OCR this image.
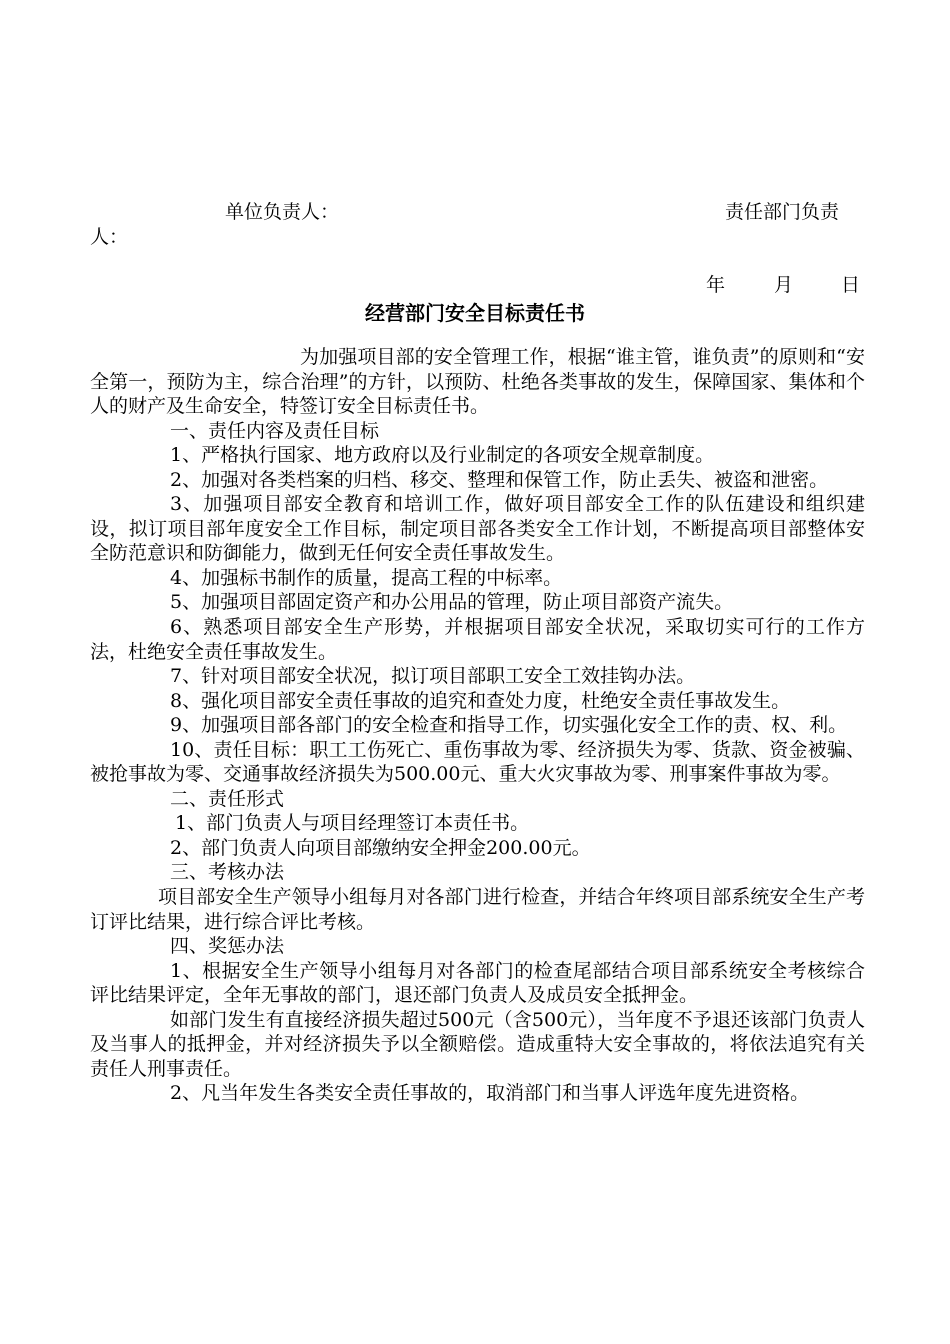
单位负责人：	责任部门负责
人：
年	月	日
经营部门安全目标责任书

为加强项目部的安全管理工作，根据“谁主管，谁负责”的原则和“安全第一，预防为主，综合治理”的方针，以预防、杜绝各类事故的发生，保障国家、集体和个人的财产及生命安全，特签订安全目标责任书。

一、责任内容及责任目标

1、严格执行国家、地方政府以及行业制定的各项安全规章制度。

2、加强对各类档案的归档、移交、整理和保管工作，防止丢失、被盗和泄密。

3、加强项目部安全教育和培训工作，做好项目部安全工作的队伍建设和组织建设，拟订项目部年度安全工作目标，制定项目部各类安全工作计划，不断提高项目部整体安全防范意识和防御能力，做到无任何安全责任事故发生。

4、加强标书制作的质量，提高工程的中标率。

5、加强项目部固定资产和办公用品的管理，防止项目部资产流失。

6、熟悉项目部安全生产形势，并根据项目部安全状况，采取切实可行的工作方法，杜绝安全责任事故发生。

7、针对项目部安全状况，拟订项目部职工安全工效挂钩办法。

8、强化项目部安全责任事故的追究和查处力度，杜绝安全责任事故发生。

9、加强项目部各部门的安全检查和指导工作，切实强化安全工作的责、权、利。

10、责任目标：职工工伤死亡、重伤事故为零、经济损失为零、货款、资金被骗、被抢事故为零、交通事故经济损失为500.00元、重大火灾事故为零、刑事案件事故为零。

二、责任形式

1、部门负责人与项目经理签订本责任书。

2、部门负责人向项目部缴纳安全押金200.00元。

三、考核办法

项目部安全生产领导小组每月对各部门进行检查，并结合年终项目部系统安全生产考订评比结果，进行综合评比考核。

四、奖惩办法

1、根据安全生产领导小组每月对各部门的检查尾部结合项目部系统安全考核综合评比结果评定，全年无事故的部门，退还部门负责人及成员安全抵押金。

如部门发生有直接经济损失超过500元（含500元），当年度不予退还该部门负责人及当事人的抵押金，并对经济损失予以全额赔偿。造成重特大安全事故的，将依法追究有关责任人刑事责任。

2、凡当年发生各类安全责任事故的，取消部门和当事人评选年度先进资格。
